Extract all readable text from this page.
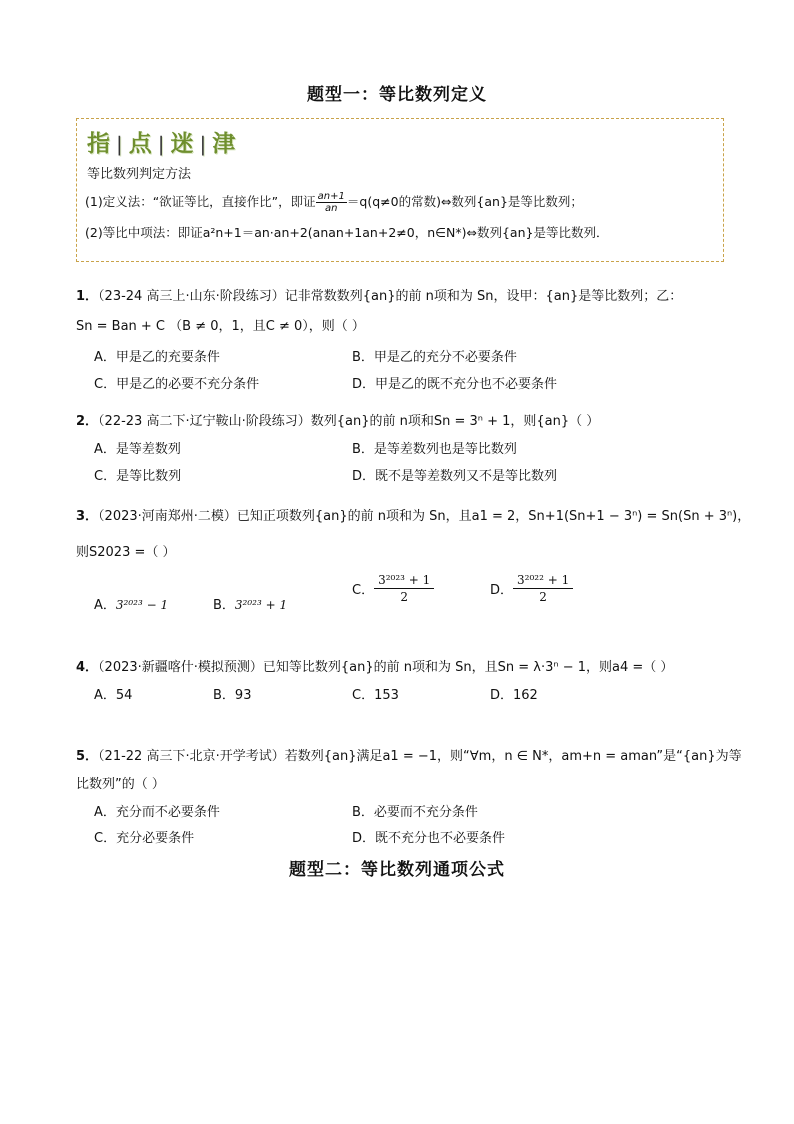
题型一：等比数列定义
指 | 点 | 迷 | 津
等比数列判定方法
(1)定义法：“欲证等比，直接作比”，即证 $\frac{an+1}{an} =q(q\ne 0$的常数)⇔数列{an}是等比数列；
(2)等比中项法：即证a²n+1＝an·an+2(anan+1an+2≠0，n∈N*)⇔数列{an}是等比数列．
1．（23-24 高三上·山东·阶段练习）记非常数数列{an}的前 n项和为 Sn，设甲：{an}是等比数列；乙：
Sn = Ban + C （B ≠ 0，1，且C ≠ 0），则（ ）
A．甲是乙的充要条件	B．甲是乙的充分不必要条件
C．甲是乙的必要不充分条件	D．甲是乙的既不充分也不必要条件
2．（22-23 高二下·辽宁鞍山·阶段练习）数列{an}的前 n项和Sn = 3ⁿ + 1，则{an}（ ）
A．是等差数列	B．是等差数列也是等比数列
C．是等比数列	D．既不是等差数列又不是等比数列
3．（2023·河南郑州·二模）已知正项数列{an}的前 n项和为 Sn，且a1 = 2，Sn+1(Sn+1 − 3ⁿ) = Sn(Sn + 3ⁿ)，
则S2023 =（ ）
A．3²⁰²³ − 1	B．3²⁰²³ + 1
C． $\frac{\text{3²⁰²³ + 1}}{2}$	D． $\frac{\text{3²⁰²² + 1}}{2}$
4．（2023·新疆喀什·模拟预测）已知等比数列{an}的前 n项和为 Sn，且Sn = λ·3ⁿ − 1，则a4 =（ ）
A．54	B．93	C．153	D．162
5．（21-22 高三下·北京·开学考试）若数列{an}满足a1 = −1，则“∀m，n ∈ N*，am+n = aman”是“{an}为等
比数列”的（ ）
A．充分而不必要条件	B．必要而不充分条件
C．充分必要条件	D．既不充分也不必要条件
题型二：等比数列通项公式
